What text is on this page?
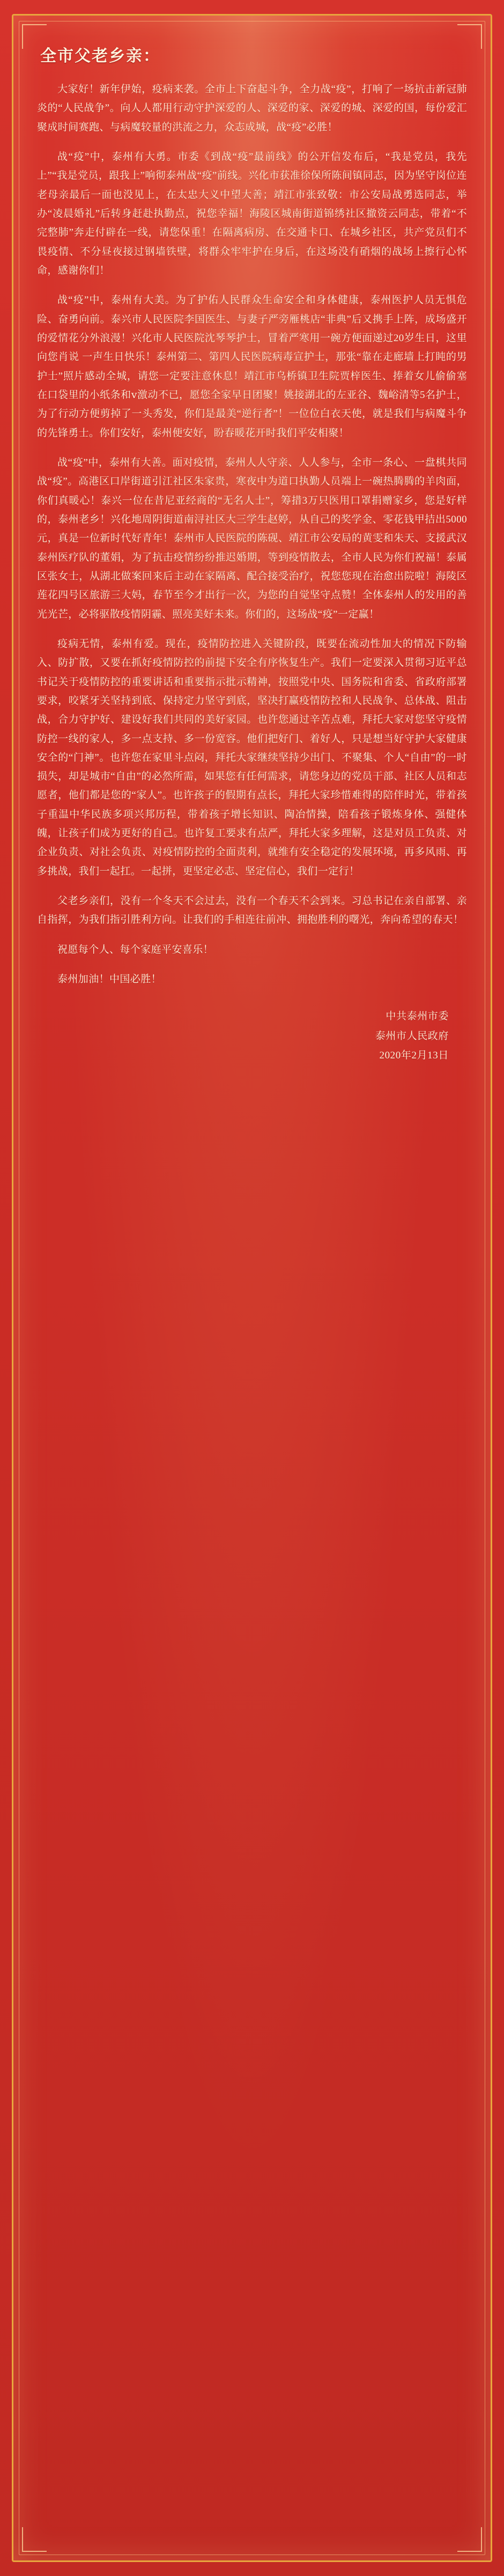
全市父老乡亲：

大家好！新年伊始，疫病来袭。全市上下奋起斗争，全力战“疫”，打响了一场抗击新冠肺炎的“人民战争”。向人人都用行动守护深爱的人、深爱的家、深爱的城、深爱的国，每份爱汇聚成时间赛跑、与病魔较量的洪流之力，众志成城，战“疫”必胜！

战“疫”中，泰州有大勇。市委《到战“疫”最前线》的公开信发布后，“我是党员，我先上”“我是党员，跟我上”响彻泰州战“疫”前线。兴化市获准徐保所陈间镇同志，因为坚守岗位连老母亲最后一面也没见上，在太忠大义中望大善；靖江市张致敬：市公安局战勇选同志，举办“凌晨婚礼”后转身赶赴执勤点，祝您幸福！海陵区城南街道锦绣社区撤资云同志，带着“不完整肺”奔走付辟在一线，请您保重！在隔离病房、在交通卡口、在城乡社区，共产党员们不畏疫情、不分昼夜接过钢墙铁壁，将群众牢牢护在身后，在这场没有硝烟的战场上擦行心怀命，感谢你们！

战“疫”中，泰州有大美。为了护佑人民群众生命安全和身体健康，泰州医护人员无惧危险、奋勇向前。泰兴市人民医院李国医生、与妻子严旁雁桃店“非典”后又携手上阵，成场盛开的爱情花分外浪漫！兴化市人民医院沈琴琴护士，冒着严寒用一碗方便面递过20岁生日，这里向您肖说 一声生日快乐！泰州第二、第四人民医院病毒宣护士，那张“靠在走廊墙上打盹的男护士”照片感动全城，请您一定要注意休息！靖江市乌桥镇卫生院贾梓医生、捧着女儿偷偷塞在口袋里的小纸条和ⅴ激动不已，愿您全家早日团聚！姚接湖北的左亚谷、魏峪清等5名护士，为了行动方便剪掉了一头秀发，你们是最美“逆行者”！一位位白衣天使，就是我们与病魔斗争的先锋勇士。你们安好，泰州便安好，盼春暖花开时我们平安相聚！

战“疫”中，泰州有大善。面对疫情，泰州人人守亲、人人参与，全市一条心、一盘棋共同战“疫”。高港区口岸街道引江社区朱家贵，寒夜中为道口执勤人员端上一碗热腾腾的羊肉面，你们真暖心！泰兴一位在昔尼亚经商的“无名人士”，筹措3万只医用口罩捐赠家乡，您是好样的，泰州老乡！兴化地周阴街道南浔社区大三学生赵婷，从自己的奖学金、零花钱甲拮出5000元，真是一位新时代好青年！泰州市人民医院的陈砚、靖江市公安局的黄雯和朱天、支援武汉泰州医疗队的董娟，为了抗击疫情纷纷推迟婚期，等到疫情散去，全市人民为你们祝福！泰属区张女士，从湖北做案回来后主动在家隔离、配合接受治疗，祝您您现在治愈出院啦！海陵区莲花四号区旅游三大妈，春节至今才出行一次，为您的自觉坚守点赞！全体泰州人的发用的善光光芒，必将驱散疫情阴霾、照亮美好未来。你们的，这场战“疫”一定赢！

疫病无情，泰州有爱。现在，疫情防控进入关键阶段，既要在流动性加大的情况下防输入、防扩散，又要在抓好疫情防控的前提下安全有序恢复生产。我们一定要深入贯彻习近平总书记关于疫情防控的重要讲话和重要指示批示精神，按照党中央、国务院和省委、省政府部署要求，咬紧牙关坚持到底、保持定力坚守到底，坚决打赢疫情防控和人民战争、总体战、阻击战，合力守护好、建设好我们共同的美好家园。也许您通过辛苦点难，拜托大家对您坚守疫情防控一线的家人，多一点支持、多一份宽容。他们把好门、着好人，只是想当好守护大家健康安全的“门神”。也许您在家里斗点闷，拜托大家继续坚持少出门、不聚集、个人“自由”的一时损失，却是城市“自由”的必然所需，如果您有任何需求，请您身边的党员干部、社区人员和志愿者，他们都是您的“家人”。也许孩子的假期有点长，拜托大家珍惜难得的陪伴时光，带着孩子重温中华民族多项兴邦历程，带着孩子增长知识、陶冶情操，陪看孩子锻炼身体、强健体魄，让孩子们成为更好的自己。也许复工要求有点严，拜托大家多理解，这是对员工负责、对企业负责、对社会负责、对疫情防控的全面责利，就维有安全稳定的发展环境，再多风雨、再多挑战，我们一起扛。一起拼，更坚定必志、坚定信心，我们一定行！

父老乡亲们，没有一个冬天不会过去，没有一个春天不会到来。习总书记在亲自部署、亲自指挥，为我们指引胜利方向。让我们的手相连往前冲、拥抱胜利的曙光，奔向希望的春天！

祝愿每个人、每个家庭平安喜乐！

泰州加油！中国必胜！

中共泰州市委
泰州市人民政府
2020年2月13日
